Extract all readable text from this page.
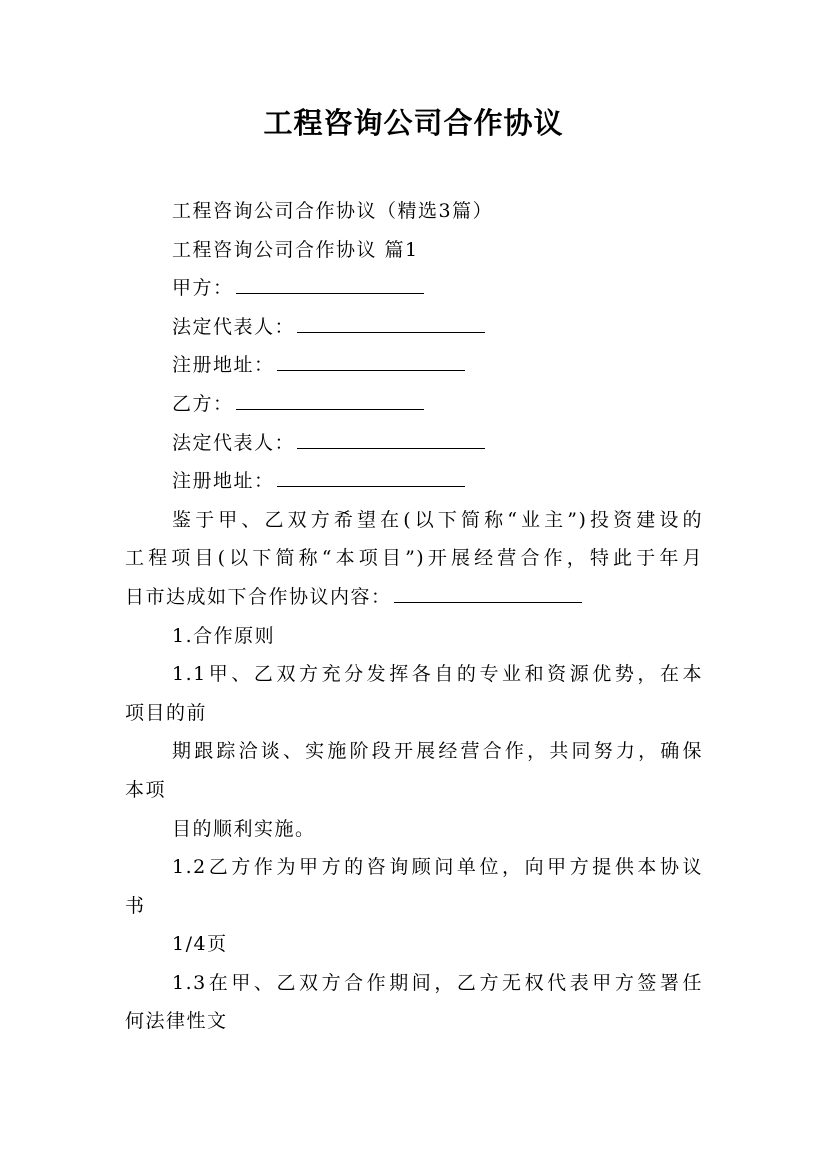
工程咨询公司合作协议
工程咨询公司合作协议（精选3篇）
工程咨询公司合作协议 篇1
甲方：
法定代表人：
注册地址：
乙方：
法定代表人：
注册地址：
鉴于甲、乙双方希望在(以下简称“业主”)投资建设的
工程项目(以下简称“本项目”)开展经营合作，特此于年月
日市达成如下合作协议内容：
1.合作原则
1.1甲、乙双方充分发挥各自的专业和资源优势，在本
项目的前
期跟踪洽谈、实施阶段开展经营合作，共同努力，确保
本项
目的顺利实施。
1.2乙方作为甲方的咨询顾问单位，向甲方提供本协议
书
1/4页
1.3在甲、乙双方合作期间，乙方无权代表甲方签署任
何法律性文
